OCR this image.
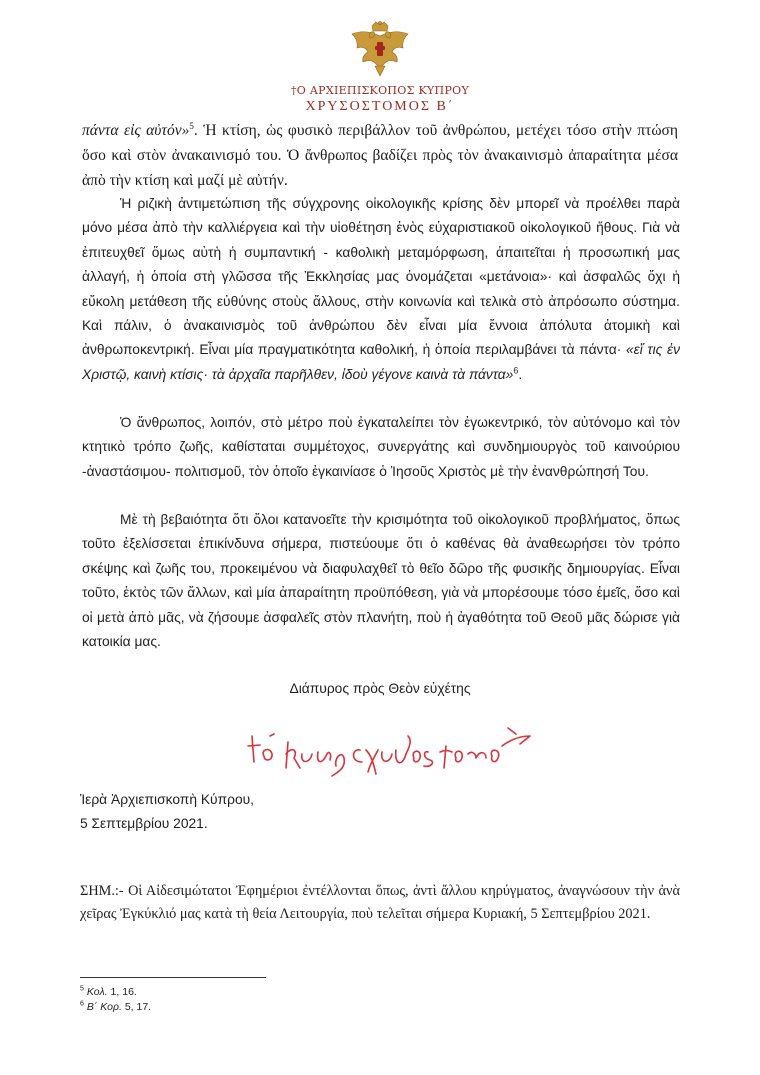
†Ο ΑΡΧΙΕΠΙΣΚΟΠΟΣ ΚΥΠΡΟΥ
ΧΡΥΣΟΣΤΟΜΟΣ Β΄

πάντα εἰς αὐτόν»$^5$. Ἡ κτίση, ὡς φυσικὸ περιβάλλον τοῦ ἀνθρώπου, μετέχει τόσο στὴν πτώση ὅσο καὶ στὸν ἀνακαινισμό του. Ὁ ἄνθρωπος βαδίζει πρὸς τὸν ἀνακαινισμὸ ἀπαραίτητα μέσα ἀπὸ τὴν κτίση καὶ μαζί μὲ αὐτήν.

Ἡ ριζικὴ ἀντιμετώπιση τῆς σύγχρονης οἰκολογικῆς κρίσης δὲν μπορεῖ νὰ προέλθει παρὰ μόνο μέσα ἀπὸ τὴν καλλιέργεια καὶ τὴν υἱοθέτηση ἑνὸς εὐχαριστιακοῦ οἰκολογικοῦ ἤθους. Γιὰ νὰ ἐπιτευχθεῖ ὅμως αὐτὴ ἡ συμπαντική - καθολικὴ μεταμόρφωση, ἀπαιτεῖται ἡ προσωπική μας ἀλλαγή, ἡ ὁποία στὴ γλῶσσα τῆς Ἐκκλησίας μας ὀνομάζεται «μετάνοια»· καὶ ἀσφαλῶς ὄχι ἡ εὔκολη μετάθεση τῆς εὐθύνης στοὺς ἄλλους, στὴν κοινωνία καὶ τελικὰ στὸ ἀπρόσωπο σύστημα. Καὶ πάλιν, ὁ ἀνακαινισμὸς τοῦ ἀνθρώπου δὲν εἶναι μία ἔννοια ἀπόλυτα ἀτομικὴ καὶ ἀνθρωποκεντρική. Εἶναι μία πραγματικότητα καθολική, ἡ ὁποία περιλαμβάνει τὰ πάντα· «εἴ τις ἐν Χριστῷ, καινὴ κτίσις· τὰ ἀρχαῖα παρῆλθεν, ἰδοὺ γέγονε καινὰ τὰ πάντα»$^6$.

Ὁ ἄνθρωπος, λοιπόν, στὸ μέτρο ποὺ ἐγκαταλείπει τὸν ἐγωκεντρικό, τὸν αὐτόνομο καὶ τὸν κτητικὸ τρόπο ζωῆς, καθίσταται συμμέτοχος, συνεργάτης καὶ συνδημιουργὸς τοῦ καινούριου -ἀναστάσιμου- πολιτισμοῦ, τὸν ὁποῖο ἐγκαινίασε ὁ Ἰησοῦς Χριστὸς μὲ τὴν ἐνανθρώπησή Του.

Μὲ τὴ βεβαιότητα ὅτι ὅλοι κατανοεῖτε τὴν κρισιμότητα τοῦ οἰκολογικοῦ προβλήματος, ὅπως τοῦτο ἐξελίσσεται ἐπικίνδυνα σήμερα, πιστεύουμε ὅτι ὁ καθένας θὰ ἀναθεωρήσει τὸν τρόπο σκέψης καὶ ζωῆς του, προκειμένου νὰ διαφυλαχθεῖ τὸ θεῖο δῶρο τῆς φυσικῆς δημιουργίας. Εἶναι τοῦτο, ἐκτὸς τῶν ἄλλων, καὶ μία ἀπαραίτητη προϋπόθεση, γιὰ νὰ μπορέσουμε τόσο ἐμεῖς, ὅσο καὶ οἱ μετὰ ἀπὸ μᾶς, νὰ ζήσουμε ἀσφαλεῖς στὸν πλανήτη, ποὺ ἡ ἀγαθότητα τοῦ Θεοῦ μᾶς δώρισε γιὰ κατοικία μας.

Διάπυρος πρὸς Θεὸν εὐχέτης
† ὁ Κύπρου Χρυσόστομος
Ἱερὰ Ἀρχιεπισκοπὴ Κύπρου,
5 Σεπτεμβρίου 2021.
ΣΗΜ.:- Οἱ Αἰδεσιμώτατοι Ἐφημέριοι ἐντέλλονται ὅπως, ἀντὶ ἄλλου κηρύγματος, ἀναγνώσουν τὴν ἀνὰ χεῖρας Ἐγκύκλιό μας κατὰ τὴ θεία Λειτουργία, ποὺ τελεῖται σήμερα Κυριακή, 5 Σεπτεμβρίου 2021.
$^5$ Κολ. 1, 16.
$^6$ Β΄ Κορ. 5, 17.
